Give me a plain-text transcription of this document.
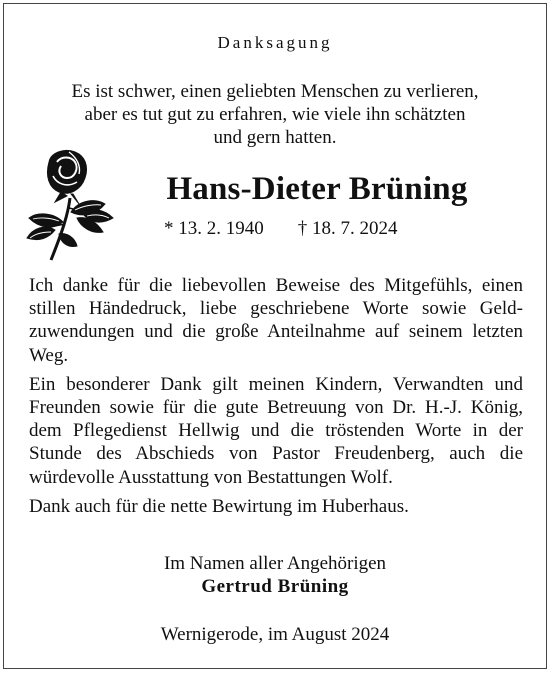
Danksagung
Es ist schwer, einen geliebten Menschen zu verlieren,
aber es tut gut zu erfahren, wie viele ihn schätzten
und gern hatten.
Hans-Dieter Brüning
* 13. 2. 1940 † 18. 7. 2024
Ich danke für die liebevollen Beweise des Mitgefühls, einen
stillen Händedruck, liebe geschriebene Worte sowie Geld-
zuwendungen und die große Anteilnahme auf seinem letzten
Weg.
Ein besonderer Dank gilt meinen Kindern, Verwandten und
Freunden sowie für die gute Betreuung von Dr. H.-J. König,
dem Pflegedienst Hellwig und die tröstenden Worte in der
Stunde des Abschieds von Pastor Freudenberg, auch die
würdevolle Ausstattung von Bestattungen Wolf.
Dank auch für die nette Bewirtung im Huberhaus.
Im Namen aller Angehörigen
Gertrud Brüning
Wernigerode, im August 2024
